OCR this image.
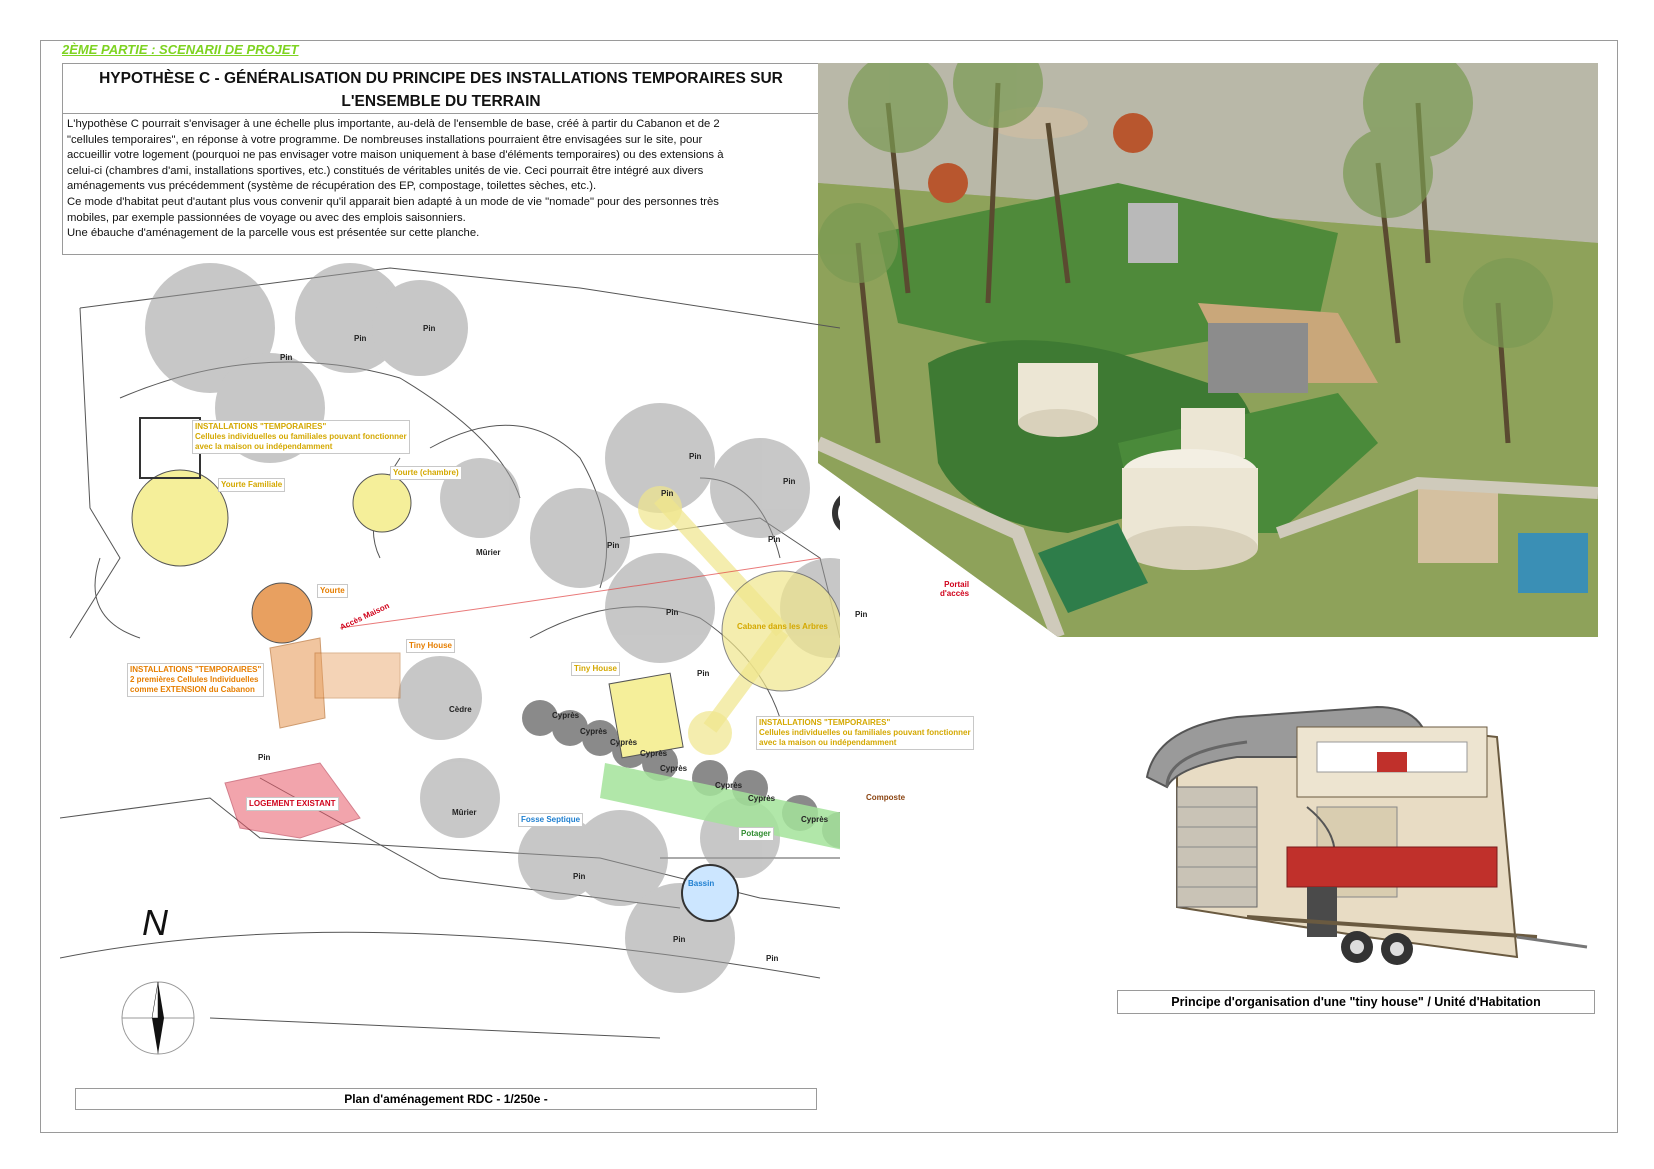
2ÈME PARTIE : SCENARII DE PROJET
HYPOTHÈSE C - GÉNÉRALISATION DU PRINCIPE DES INSTALLATIONS TEMPORAIRES SUR
L'ENSEMBLE DU TERRAIN

L'hypothèse C pourrait s'envisager à une échelle plus importante, au-delà de l'ensemble de base, créé à partir du Cabanon et de 2

"cellules temporaires", en réponse à votre programme. De nombreuses installations pourraient être envisagées sur le site, pour

accueillir votre logement (pourquoi ne pas envisager votre maison uniquement à base d'éléments temporaires) ou des extensions à

celui-ci (chambres d'ami, installations sportives, etc.) constitués de véritables unités de vie. Ceci pourrait être intégré aux divers

aménagements vus précédemment (système de récupération des EP, compostage, toilettes sèches, etc.).

Ce mode d'habitat peut d'autant plus vous convenir qu'il apparait bien adapté à un mode de vie "nomade" pour des personnes très

mobiles, par exemple passionnées de voyage ou avec des emplois saisonniers.

Une ébauche d'aménagement de la parcelle vous est présentée sur cette planche.

Principe d'organisation d'une "tiny house" / Unité d'Habitation
INSTALLATIONS "TEMPORAIRES"
Cellules individuelles ou familiales pouvant fonctionner
avec la maison ou indépendamment
Yourte Familiale
Yourte (chambre)
Yourte
Accès Maison
Tiny House
Tiny House
INSTALLATIONS "TEMPORAIRES"
2 premières Cellules Individuelles
comme EXTENSION du Cabanon
LOGEMENT EXISTANT
Cabane dans les Arbres
INSTALLATIONS "TEMPORAIRES"
Cellules individuelles ou familiales pouvant fonctionner
avec la maison ou indépendamment
Portail
d'accès
Fosse Septique
Potager
Composte
Bassin
Cèdre
Mûrier
Mûrier
Pin
Pin
Pin
Pin
Pin
Pin
Pin
Pin
Pin	Pin
Pin
Pin
Pin
Pin
Pin
Cyprès
Cyprès
Cyprès
Cyprès
Cyprès
Cyprès
Cyprès
Cyprès
N
Plan d'aménagement RDC - 1/250e -
